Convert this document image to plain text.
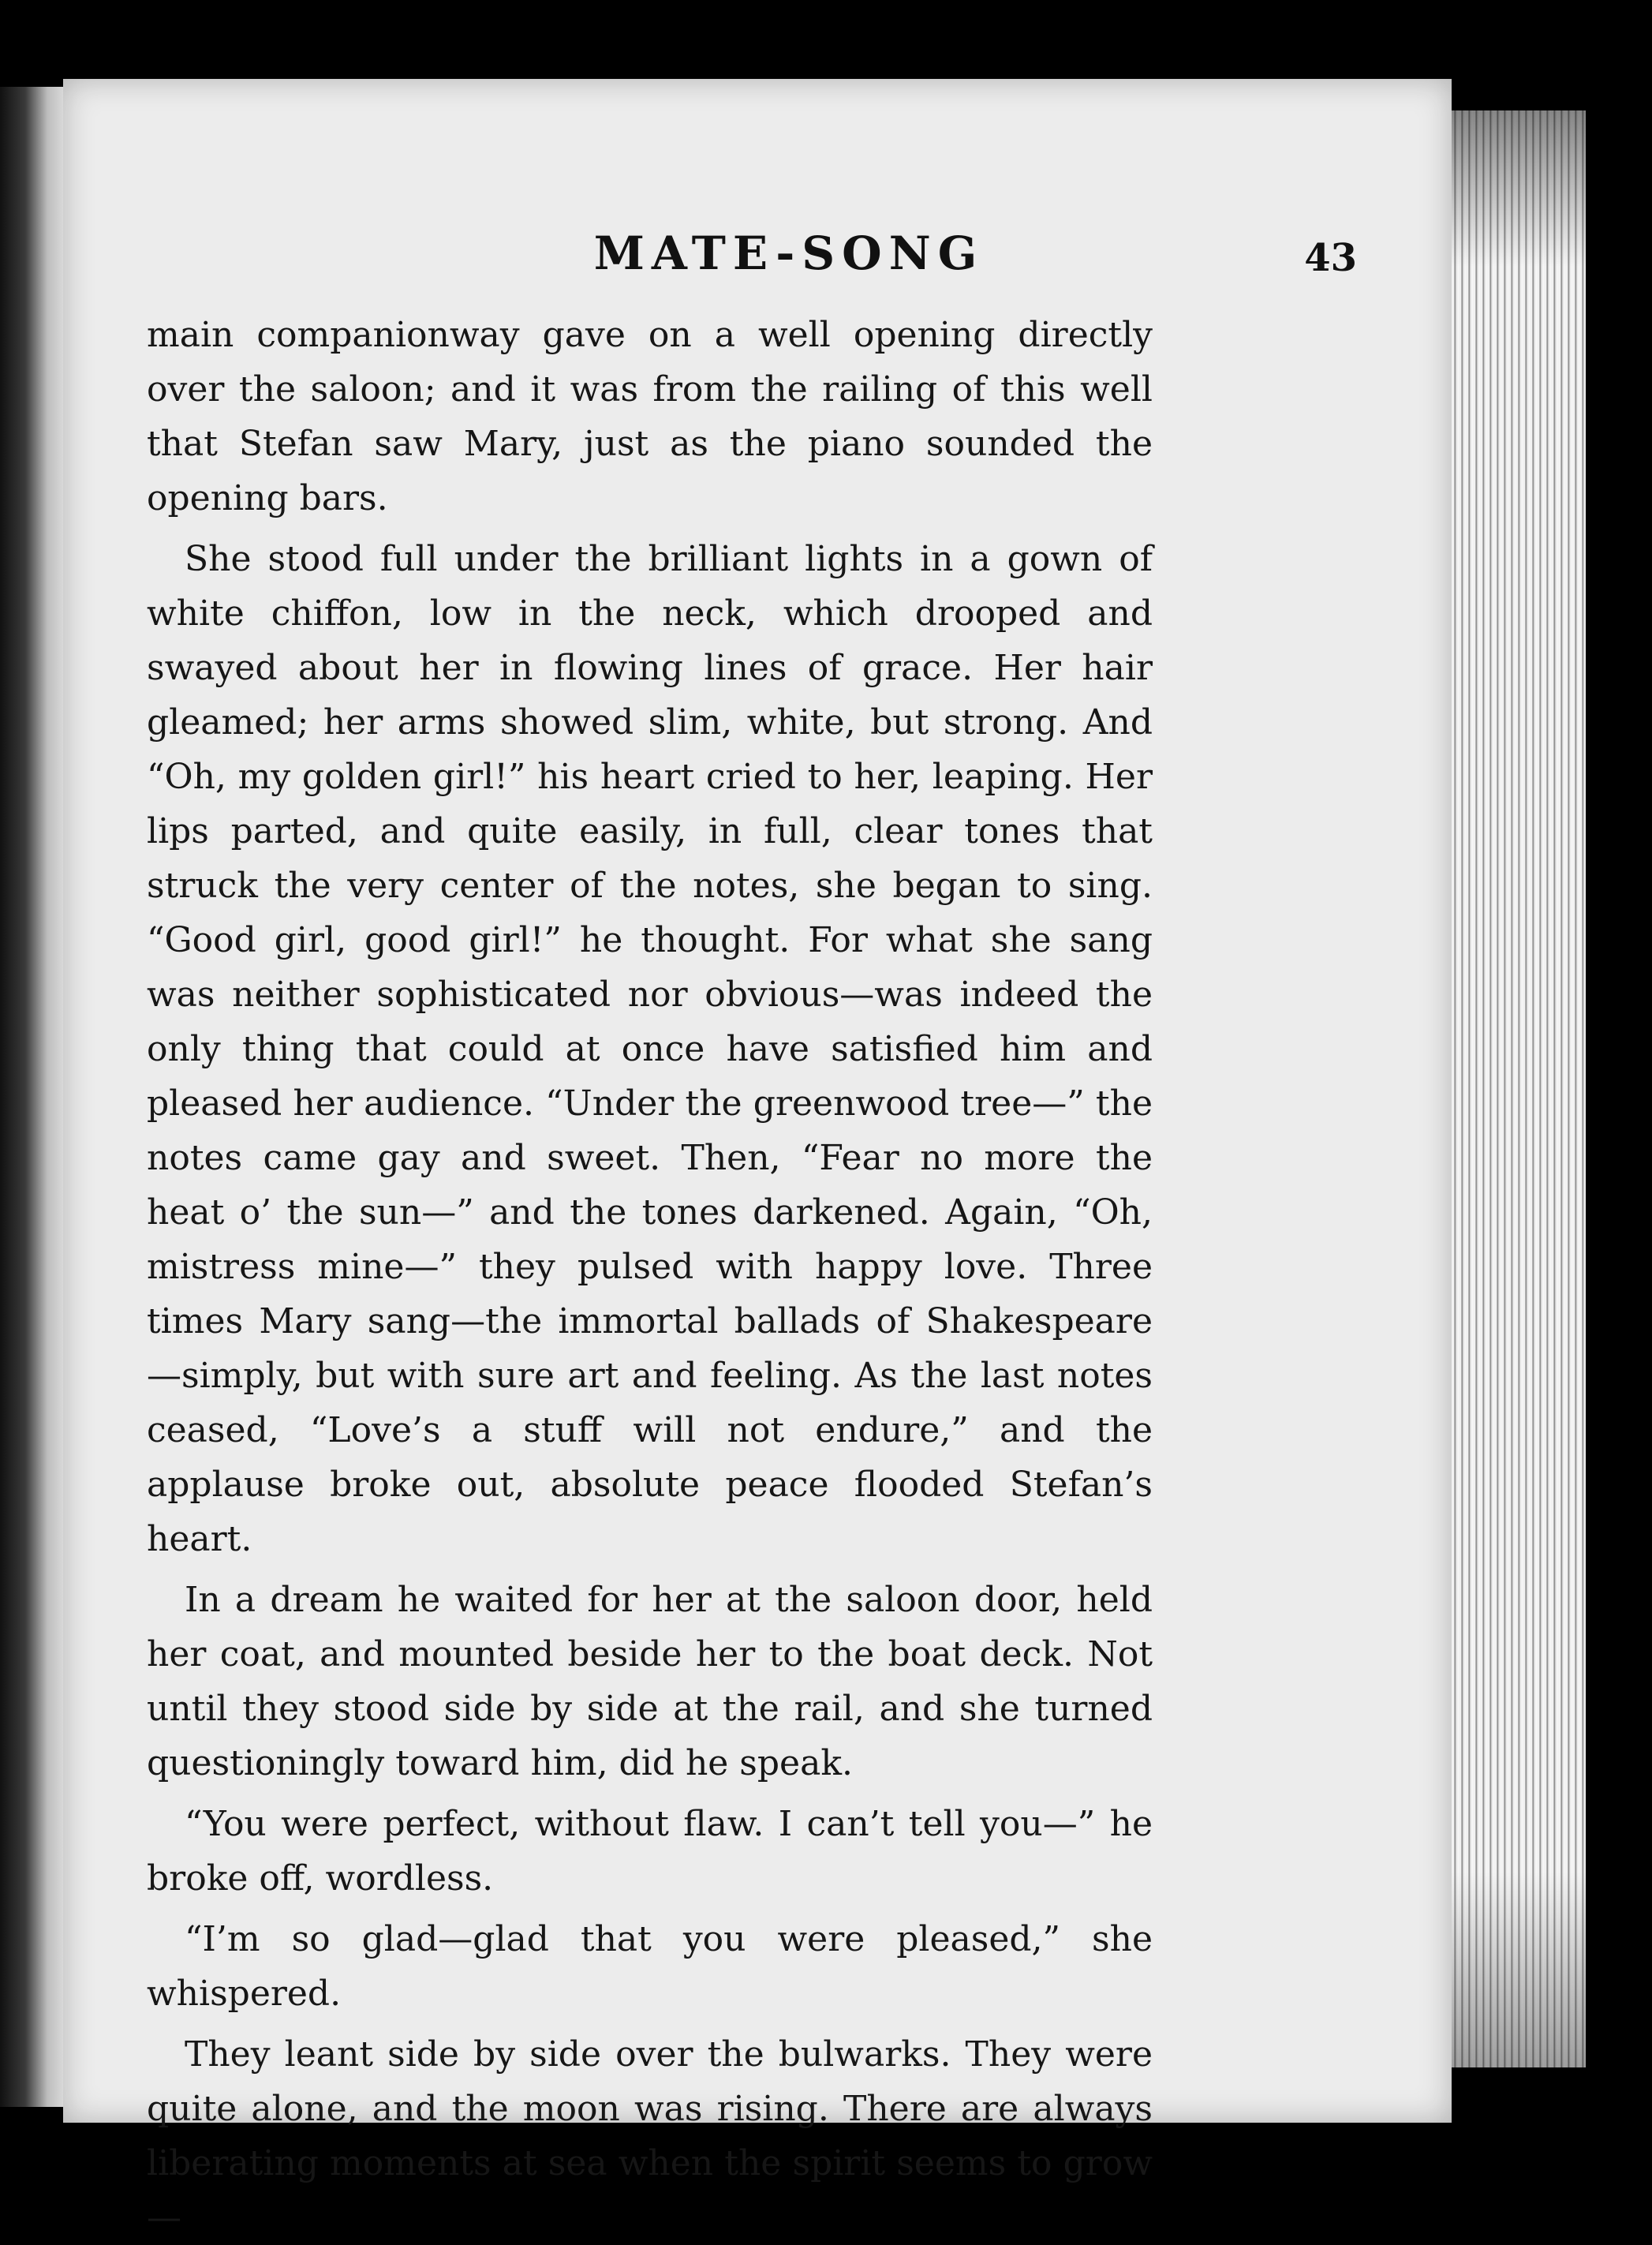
MATE-SONG	43

main companionway gave on a well opening directly over the saloon; and it was from the railing of this well that Stefan saw Mary, just as the piano sounded the opening bars.

She stood full under the brilliant lights in a gown of white chiffon, low in the neck, which drooped and swayed about her in flowing lines of grace. Her hair gleamed; her arms showed slim, white, but strong. And “Oh, my golden girl!” his heart cried to her, leaping. Her lips parted, and quite easily, in full, clear tones that struck the very center of the notes, she began to sing. “Good girl, good girl!” he thought. For what she sang was neither sophisticated nor obvious—was indeed the only thing that could at once have satisfied him and pleased her audience. “Under the greenwood tree—” the notes came gay and sweet. Then, “Fear no more the heat o’ the sun—” and the tones darkened. Again, “Oh, mistress mine—” they pulsed with happy love. Three times Mary sang—the immortal ballads of Shakespeare—simply, but with sure art and feeling. As the last notes ceased, “Love’s a stuff will not endure,” and the applause broke out, absolute peace flooded Stefan’s heart.

In a dream he waited for her at the saloon door, held her coat, and mounted beside her to the boat deck. Not until they stood side by side at the rail, and she turned questioningly toward him, did he speak.

“You were perfect, without flaw. I can’t tell you—” he broke off, wordless.

“I’m so glad—glad that you were pleased,” she whispered.

They leant side by side over the bulwarks. They were quite alone, and the moon was rising. There are always liberating moments at sea when the spirit seems to grow —
